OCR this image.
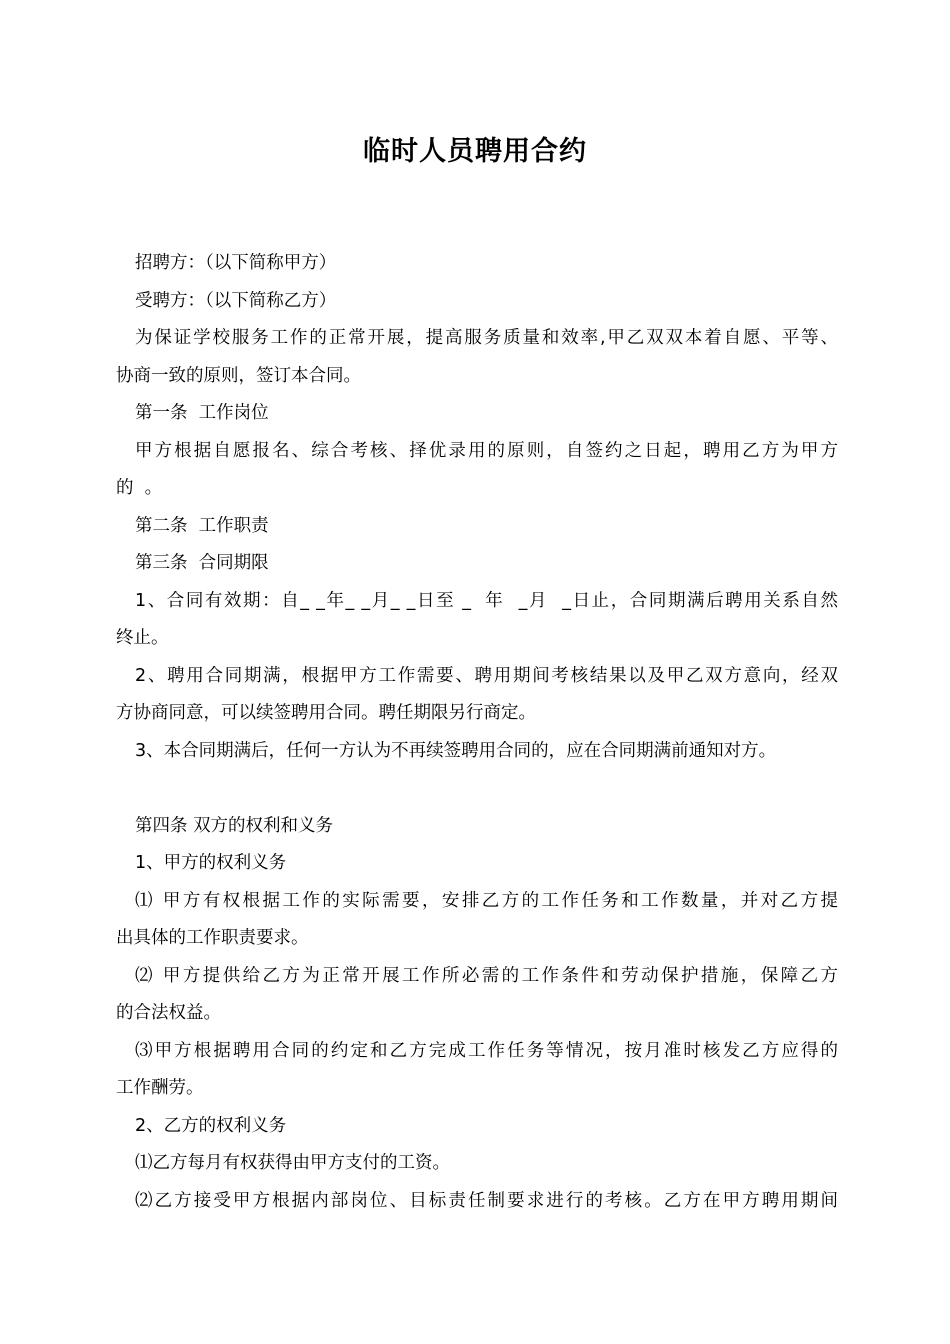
临时人员聘用合约
招聘方：（以下简称甲方）
受聘方：（以下简称乙方）
为保证学校服务工作的正常开展，提高服务质量和效率,甲乙双双本着自愿、平等、
协商一致的原则，签订本合同。
第一条  工作岗位
甲方根据自愿报名、综合考核、择优录用的原则，自签约之日起，聘用乙方为甲方
的  。
第二条  工作职责
第三条  合同期限
1、合同有效期：自_ _年_ _月_ _日至 _  年  _月  _日止，合同期满后聘用关系自然
终止。
2、聘用合同期满，根据甲方工作需要、聘用期间考核结果以及甲乙双方意向，经双
方协商同意，可以续签聘用合同。聘任期限另行商定。
3、本合同期满后，任何一方认为不再续签聘用合同的，应在合同期满前通知对方。
第四条 双方的权利和义务
1、甲方的权利义务
⑴ 甲方有权根据工作的实际需要，安排乙方的工作任务和工作数量，并对乙方提
出具体的工作职责要求。
⑵ 甲方提供给乙方为正常开展工作所必需的工作条件和劳动保护措施，保障乙方
的合法权益。
⑶甲方根据聘用合同的约定和乙方完成工作任务等情况，按月准时核发乙方应得的
工作酬劳。
2、乙方的权利义务
⑴乙方每月有权获得由甲方支付的工资。
⑵乙方接受甲方根据内部岗位、目标责任制要求进行的考核。乙方在甲方聘用期间
